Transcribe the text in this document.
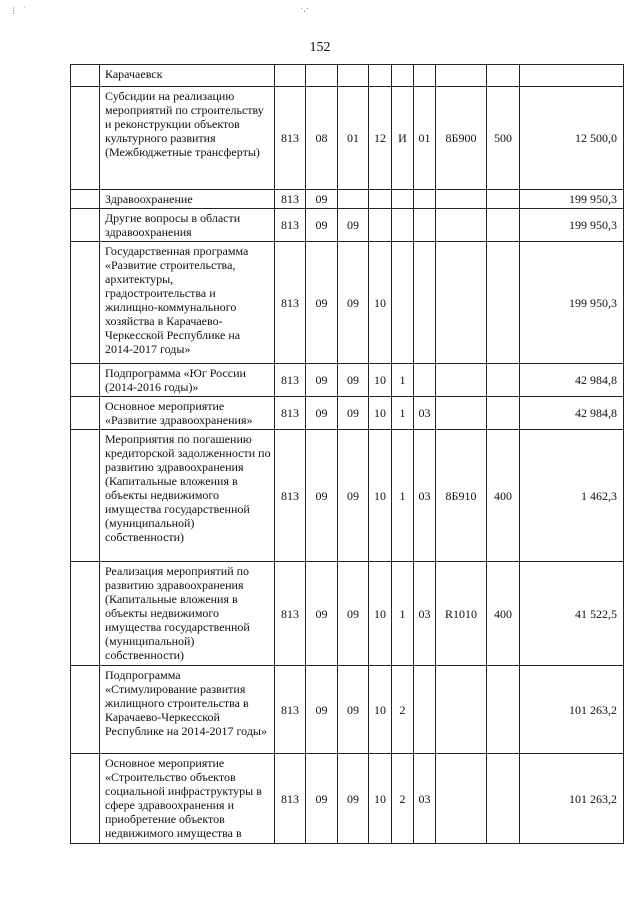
⁝   ʾ	·.·
152
	Карачаевск									
	Субсидии на реализацию мероприятий по строительству и реконструкции объектов культурного развития (Межбюджетные трансферты)	813	08	01	12	И	01	8Б900	500	12 500,0
	Здравоохранение	813	09							199 950,3
	Другие вопросы в области здравоохранения	813	09	09						199 950,3
	Государственная программа «Развитие строительства, архитектуры, градостроительства и жилищно-коммунального хозяйства в Карачаево-Черкесской Республике на 2014-2017 годы»	813	09	09	10					199 950,3
	Подпрограмма «Юг России (2014-2016 годы)»	813	09	09	10	1				42 984,8
	Основное мероприятие «Развитие здравоохранения»	813	09	09	10	1	03			42 984,8
	Мероприятия по погашению кредиторской задолженности по развитию здравоохранения (Капитальные вложения в объекты недвижимого имущества государственной (муниципальной) собственности)	813	09	09	10	1	03	8Б910	400	1 462,3
	Реализация мероприятий по развитию здравоохранения (Капитальные вложения в объекты недвижимого имущества государственной (муниципальной) собственности)	813	09	09	10	1	03	R1010	400	41 522,5
	Подпрограмма «Стимулирование развития жилищного строительства в Карачаево-Черкесской Республике на 2014-2017 годы»	813	09	09	10	2				101 263,2
	Основное мероприятие «Строительство объектов социальной инфраструктуры в сфере здравоохранения и приобретение объектов недвижимого имущества в	813	09	09	10	2	03			101 263,2
